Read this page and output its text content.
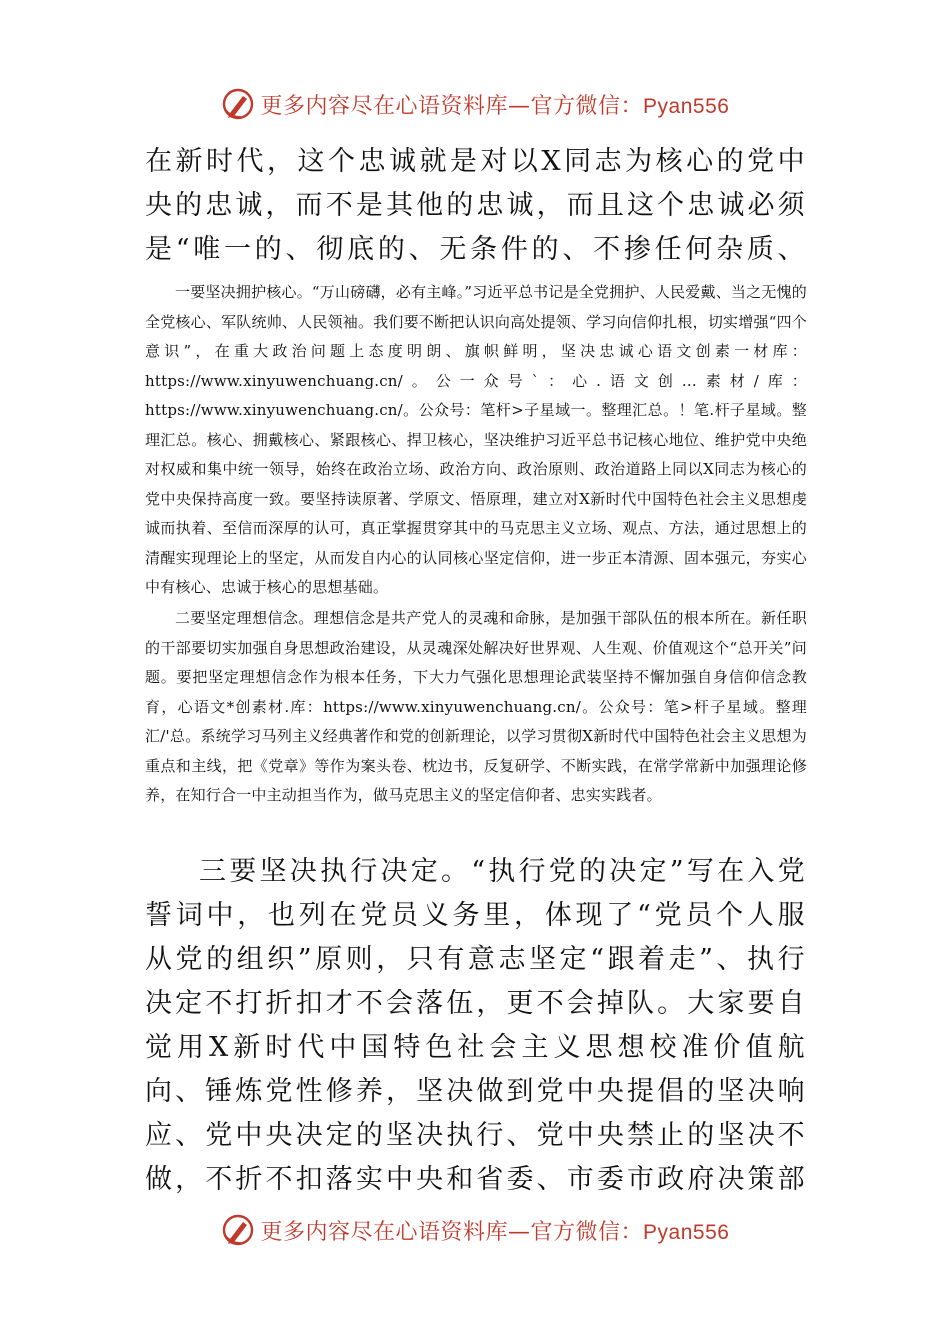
更多内容尽在心语资料库—官方微信：Pyan556

在新时代，这个忠诚就是对以X同志为核心的党中央的忠诚，而不是其他的忠诚，而且这个忠诚必须是“唯一的、彻底的、无条件的、不掺任何杂质、

一要坚决拥护核心。“万山磅礴，必有主峰。”习近平总书记是全党拥护、人民爱戴、当之无愧的全党核心、军队统帅、人民领袖。我们要不断把认识向高处提领、学习向信仰扎根，切实增强“四个意识”，在重大政治问题上态度明朗、旗帜鲜明，坚决忠诚心语文创素一材库：https://www.xinyuwenchuang.cn/。公一众号`：心.语文创…素材/库：https://www.xinyuwenchuang.cn/。公众号：笔杆>子星域一。整理汇总。！笔.杆子星域。整理汇总。核心、拥戴核心、紧跟核心、捍卫核心，坚决维护习近平总书记核心地位、维护党中央绝对权威和集中统一领导，始终在政治立场、政治方向、政治原则、政治道路上同以X同志为核心的党中央保持高度一致。要坚持读原著、学原文、悟原理，建立对X新时代中国特色社会主义思想虔诚而执着、至信而深厚的认可，真正掌握贯穿其中的马克思主义立场、观点、方法，通过思想上的清醒实现理论上的坚定，从而发自内心的认同核心坚定信仰，进一步正本清源、固本强元，夯实心中有核心、忠诚于核心的思想基础。

二要坚定理想信念。理想信念是共产党人的灵魂和命脉，是加强干部队伍的根本所在。新任职的干部要切实加强自身思想政治建设，从灵魂深处解决好世界观、人生观、价值观这个“总开关”问题。要把坚定理想信念作为根本任务，下大力气强化思想理论武装坚持不懈加强自身信仰信念教育，心语文*创素材.库：https://www.xinyuwenchuang.cn/。公众号：笔>杆子星域。整理汇/'总。系统学习马列主义经典著作和党的创新理论，以学习贯彻X新时代中国特色社会主义思想为重点和主线，把《党章》等作为案头卷、枕边书，反复研学、不断实践，在常学常新中加强理论修养，在知行合一中主动担当作为，做马克思主义的坚定信仰者、忠实实践者。

三要坚决执行决定。“执行党的决定”写在入党誓词中，也列在党员义务里，体现了“党员个人服从党的组织”原则，只有意志坚定“跟着走”、执行决定不打折扣才不会落伍，更不会掉队。大家要自觉用X新时代中国特色社会主义思想校准价值航向、锤炼党性修养，坚决做到党中央提倡的坚决响应、党中央决定的坚决执行、党中央禁止的坚决不做，不折不扣落实中央和省委、市委市政府决策部

更多内容尽在心语资料库—官方微信：Pyan556
